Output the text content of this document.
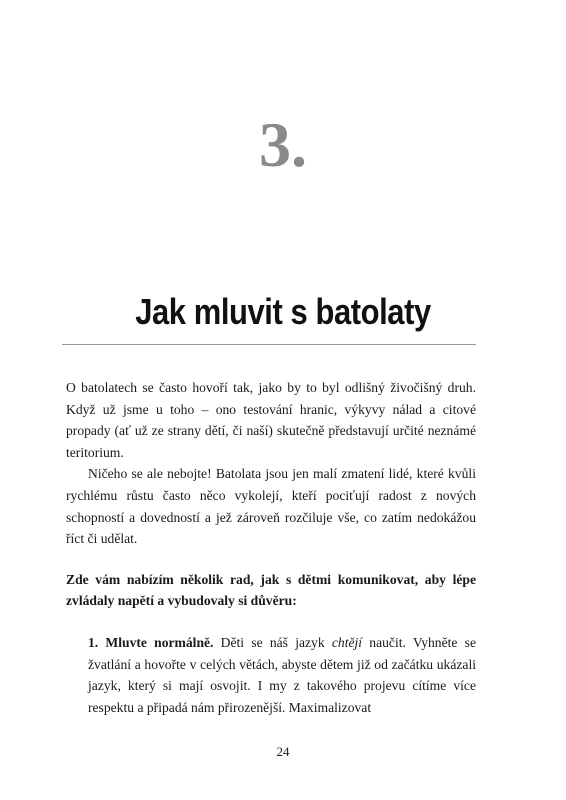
3.
Jak mluvit s batolaty

O batolatech se často hovoří tak, jako by to byl odlišný živočišný druh. Když už jsme u toho – ono testování hranic, výkyvy nálad a citové propady (ať už ze strany dětí, či naší) skutečně představují určité neznámé teritorium.

Ničeho se ale nebojte! Batolata jsou jen malí zmatení lidé, které kvůli rychlému růstu často něco vykolejí, kteří pociťují radost z nových schopností a dovedností a jež zároveň rozčiluje vše, co zatím nedokážou říct či udělat.

Zde vám nabízím několik rad, jak s dětmi komunikovat, aby lépe zvládaly napětí a vybudovaly si důvěru:

1. Mluvte normálně. Děti se náš jazyk chtějí naučit. Vyhněte se žvatlání a hovořte v celých větách, abyste dětem již od začátku ukázali jazyk, který si mají osvojit. I my z takového projevu cítíme více respektu a připadá nám přirozenější. Maximalizovat

24
